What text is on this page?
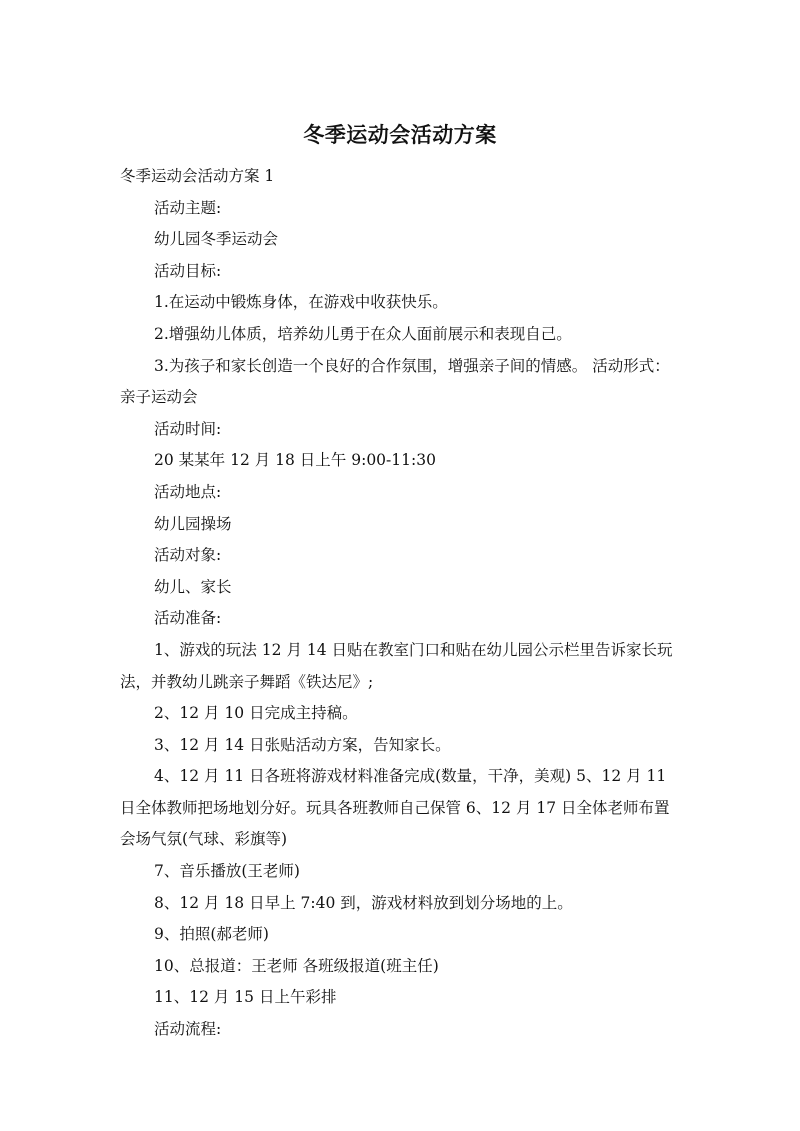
冬季运动会活动方案

冬季运动会活动方案 1

活动主题:

幼儿园冬季运动会

活动目标:

1.在运动中锻炼身体，在游戏中收获快乐。

2.增强幼儿体质，培养幼儿勇于在众人面前展示和表现自己。

3.为孩子和家长创造一个良好的合作氛围，增强亲子间的情感。 活动形式：亲子运动会

活动时间:

20 某某年 12 月 18 日上午 9:00-11:30

活动地点:

幼儿园操场

活动对象:

幼儿、家长

活动准备:

1、游戏的玩法 12 月 14 日贴在教室门口和贴在幼儿园公示栏里告诉家长玩法，并教幼儿跳亲子舞蹈《铁达尼》;

2、12 月 10 日完成主持稿。

3、12 月 14 日张贴活动方案，告知家长。

4、12 月 11 日各班将游戏材料准备完成(数量，干净，美观) 5、12 月 11 日全体教师把场地划分好。玩具各班教师自己保管 6、12 月 17 日全体老师布置会场气氛(气球、彩旗等)

7、音乐播放(王老师)

8、12 月 18 日早上 7:40 到，游戏材料放到划分场地的上。

9、拍照(郝老师)

10、总报道：王老师 各班级报道(班主任)

11、12 月 15 日上午彩排

活动流程:
